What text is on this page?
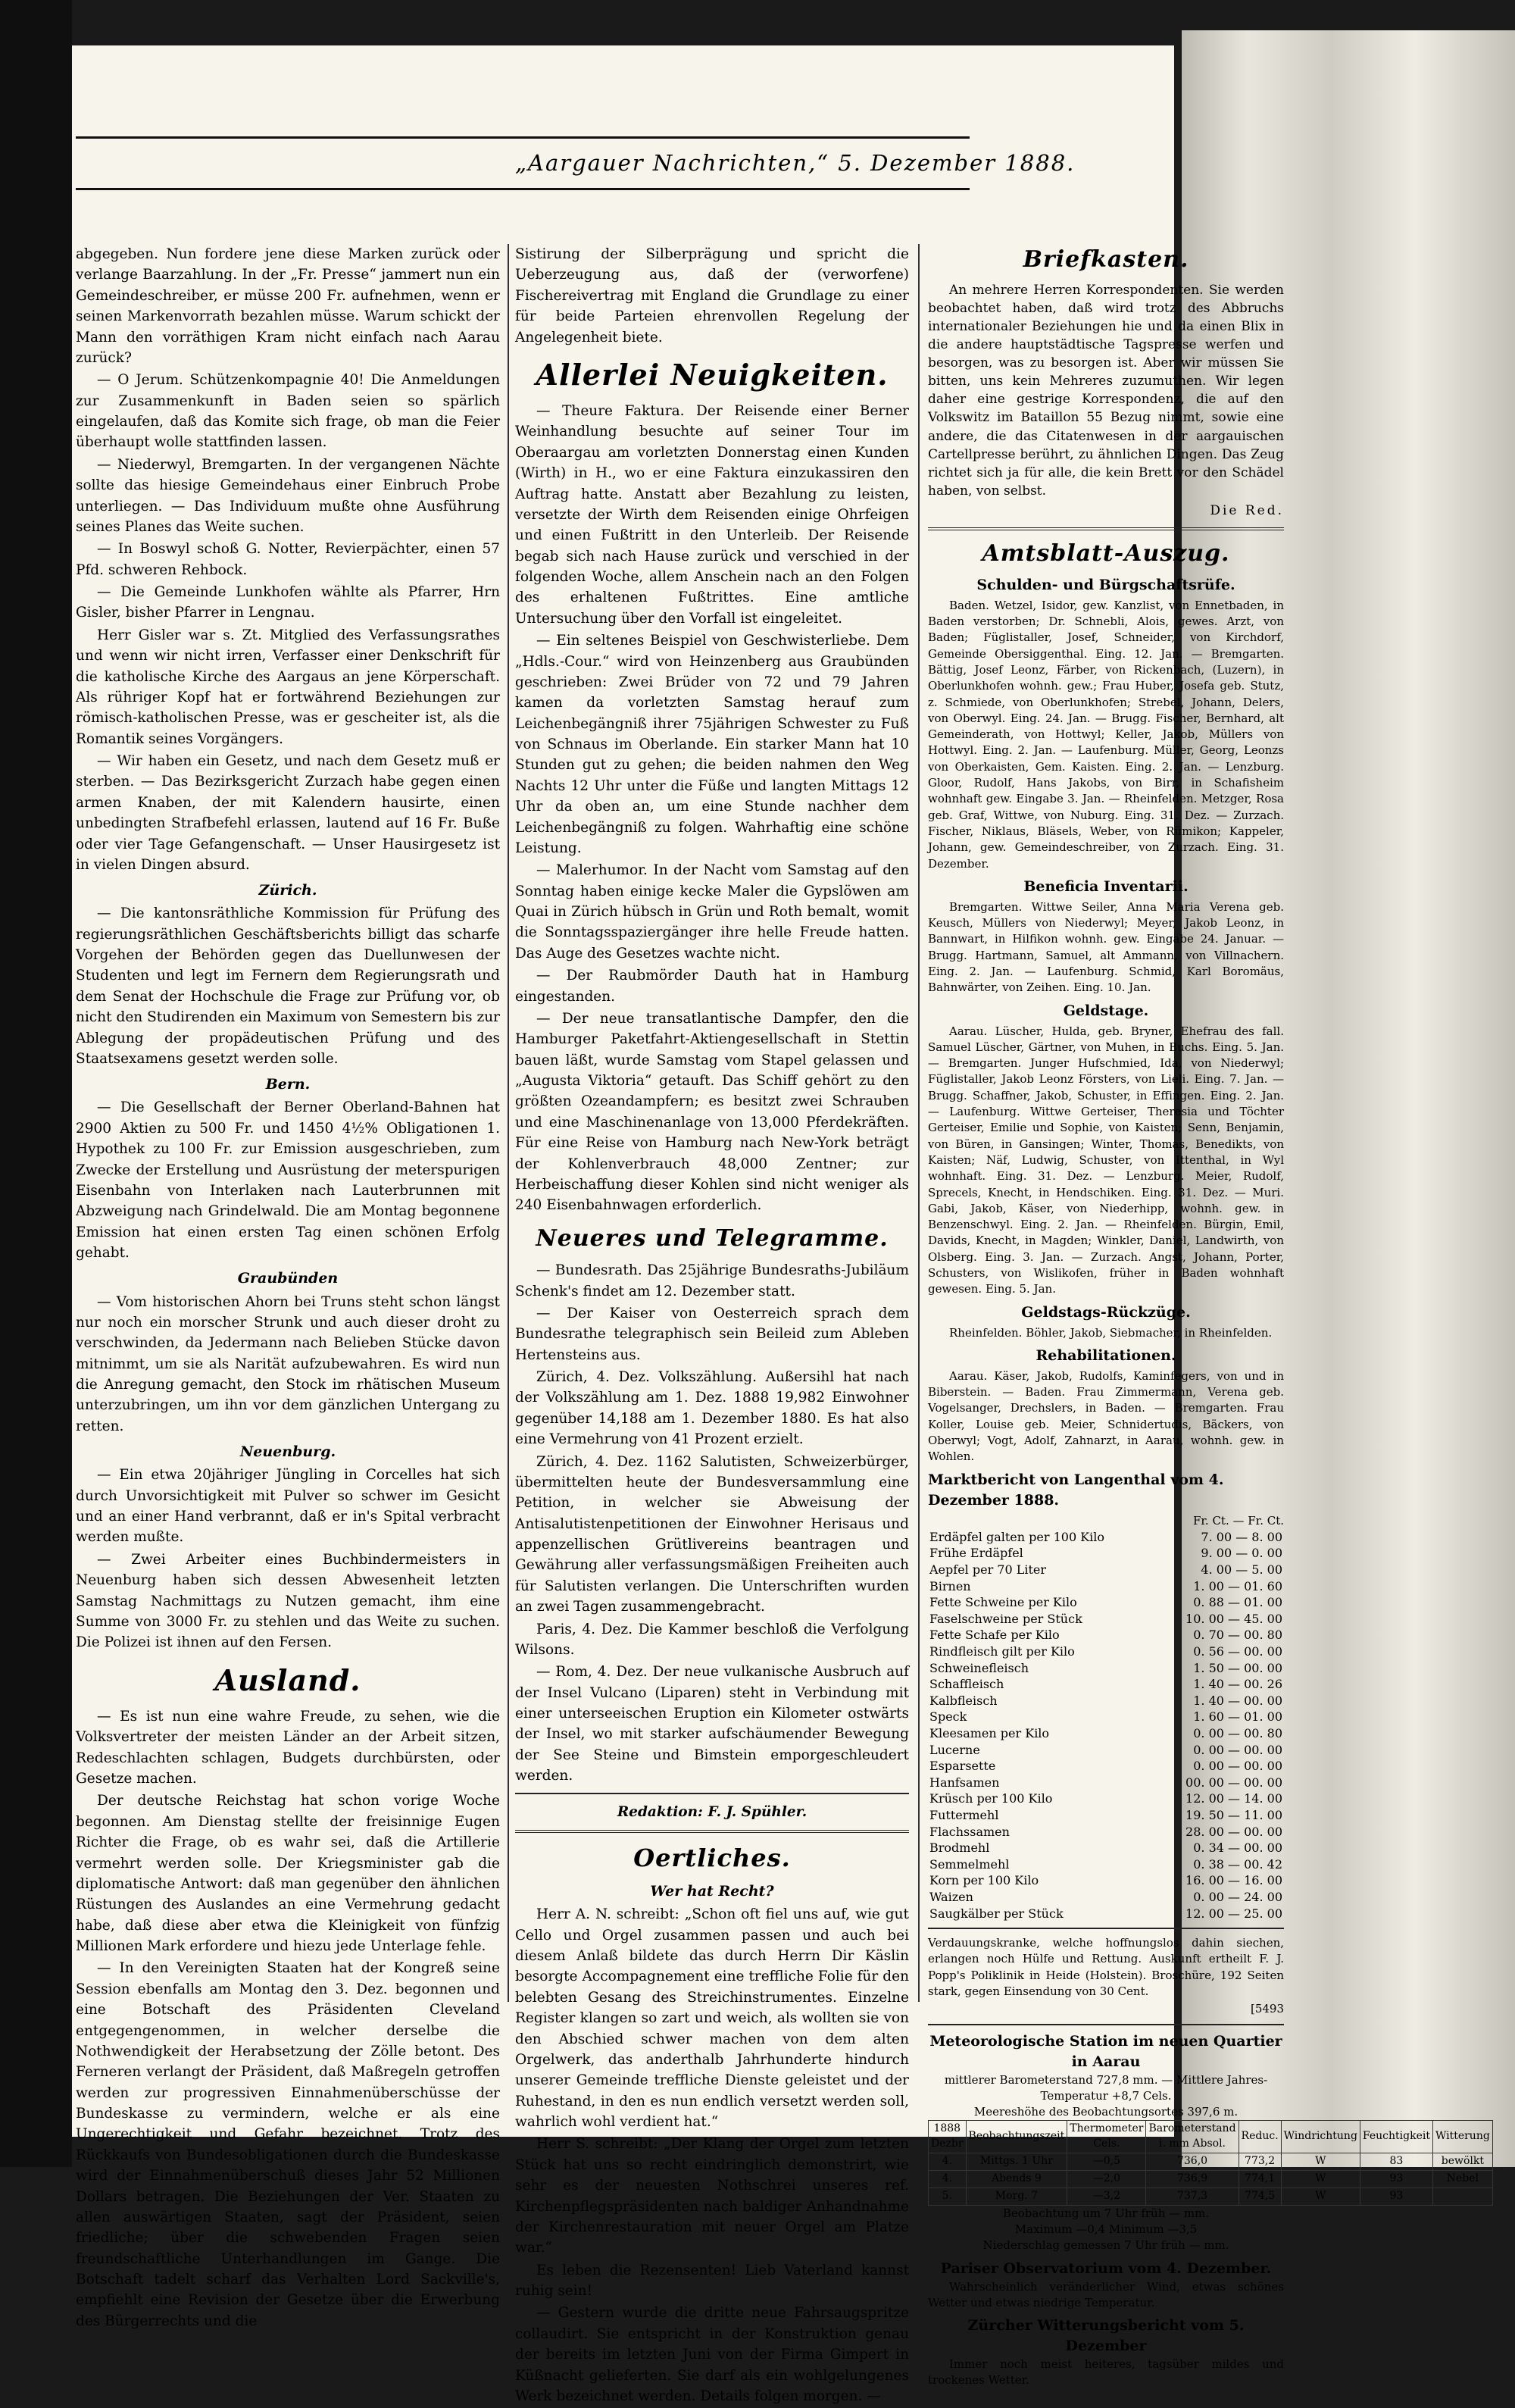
„Aargauer Nachrichten,“ 5. Dezember 1888.

abgegeben. Nun fordere jene diese Marken zurück oder verlange Baarzahlung. In der „Fr. Presse“ jammert nun ein Gemeindeschreiber, er müsse 200 Fr. aufnehmen, wenn er seinen Markenvorrath bezahlen müsse. Warum schickt der Mann den vorräthigen Kram nicht einfach nach Aarau zurück?

— O Jerum. Schützenkompagnie 40! Die Anmeldungen zur Zusammenkunft in Baden seien so spärlich eingelaufen, daß das Komite sich frage, ob man die Feier überhaupt wolle stattfinden lassen.

— Niederwyl, Bremgarten. In der vergangenen Nächte sollte das hiesige Gemeindehaus einer Einbruch Probe unterliegen. — Das Individuum mußte ohne Ausführung seines Planes das Weite suchen.

— In Boswyl schoß G. Notter, Revierpächter, einen 57 Pfd. schweren Rehbock.

— Die Gemeinde Lunkhofen wählte als Pfarrer, Hrn Gisler, bisher Pfarrer in Lengnau.

Herr Gisler war s. Zt. Mitglied des Verfassungsrathes und wenn wir nicht irren, Verfasser einer Denkschrift für die katholische Kirche des Aargaus an jene Körperschaft. Als rühriger Kopf hat er fortwährend Beziehungen zur römisch-katholischen Presse, was er gescheiter ist, als die Romantik seines Vorgängers.

— Wir haben ein Gesetz, und nach dem Gesetz muß er sterben. — Das Bezirksgericht Zurzach habe gegen einen armen Knaben, der mit Kalendern hausirte, einen unbedingten Strafbefehl erlassen, lautend auf 16 Fr. Buße oder vier Tage Gefangenschaft. — Unser Hausirgesetz ist in vielen Dingen absurd.

Zürich.

— Die kantonsräthliche Kommission für Prüfung des regierungsräthlichen Geschäftsberichts billigt das scharfe Vorgehen der Behörden gegen das Duellunwesen der Studenten und legt im Fernern dem Regierungsrath und dem Senat der Hochschule die Frage zur Prüfung vor, ob nicht den Studirenden ein Maximum von Semestern bis zur Ablegung der propädeutischen Prüfung und des Staatsexamens gesetzt werden solle.

Bern.

— Die Gesellschaft der Berner Oberland-Bahnen hat 2900 Aktien zu 500 Fr. und 1450 4½% Obligationen 1. Hypothek zu 100 Fr. zur Emission ausgeschrieben, zum Zwecke der Erstellung und Ausrüstung der meterspurigen Eisenbahn von Interlaken nach Lauterbrunnen mit Abzweigung nach Grindelwald. Die am Montag begonnene Emission hat einen ersten Tag einen schönen Erfolg gehabt.

Graubünden

— Vom historischen Ahorn bei Truns steht schon längst nur noch ein morscher Strunk und auch dieser droht zu verschwinden, da Jedermann nach Belieben Stücke davon mitnimmt, um sie als Narität aufzubewahren. Es wird nun die Anregung gemacht, den Stock im rhätischen Museum unterzubringen, um ihn vor dem gänzlichen Untergang zu retten.

Neuenburg.

— Ein etwa 20jähriger Jüngling in Corcelles hat sich durch Unvorsichtigkeit mit Pulver so schwer im Gesicht und an einer Hand verbrannt, daß er in's Spital verbracht werden mußte.

— Zwei Arbeiter eines Buchbindermeisters in Neuenburg haben sich dessen Abwesenheit letzten Samstag Nachmittags zu Nutzen gemacht, ihm eine Summe von 3000 Fr. zu stehlen und das Weite zu suchen. Die Polizei ist ihnen auf den Fersen.

Ausland.

— Es ist nun eine wahre Freude, zu sehen, wie die Volksvertreter der meisten Länder an der Arbeit sitzen, Redeschlachten schlagen, Budgets durchbürsten, oder Gesetze machen.

Der deutsche Reichstag hat schon vorige Woche begonnen. Am Dienstag stellte der freisinnige Eugen Richter die Frage, ob es wahr sei, daß die Artillerie vermehrt werden solle. Der Kriegsminister gab die diplomatische Antwort: daß man gegenüber den ähnlichen Rüstungen des Auslandes an eine Vermehrung gedacht habe, daß diese aber etwa die Kleinigkeit von fünfzig Millionen Mark erfordere und hiezu jede Unterlage fehle.

— In den Vereinigten Staaten hat der Kongreß seine Session ebenfalls am Montag den 3. Dez. begonnen und eine Botschaft des Präsidenten Cleveland entgegengenommen, in welcher derselbe die Nothwendigkeit der Herabsetzung der Zölle betont. Des Ferneren verlangt der Präsident, daß Maßregeln getroffen werden zur progressiven Einnahmenüberschüsse der Bundeskasse zu vermindern, welche er als eine Ungerechtigkeit und Gefahr bezeichnet. Trotz des Rückkaufs von Bundesobligationen durch die Bundeskasse wird der Einnahmenüberschuß dieses Jahr 52 Millionen Dollars betragen. Die Beziehungen der Ver. Staaten zu allen auswärtigen Staaten, sagt der Präsident, seien friedliche; über die schwebenden Fragen seien freundschaftliche Unterhandlungen im Gange. Die Botschaft tadelt scharf das Verhalten Lord Sackville's, empfiehlt eine Revision der Gesetze über die Erwerbung des Bürgerrechts und die

Sistirung der Silberprägung und spricht die Ueberzeugung aus, daß der (verworfene) Fischereivertrag mit England die Grundlage zu einer für beide Parteien ehrenvollen Regelung der Angelegenheit biete.

Allerlei Neuigkeiten.

— Theure Faktura. Der Reisende einer Berner Weinhandlung besuchte auf seiner Tour im Oberaargau am vorletzten Donnerstag einen Kunden (Wirth) in H., wo er eine Faktura einzukassiren den Auftrag hatte. Anstatt aber Bezahlung zu leisten, versetzte der Wirth dem Reisenden einige Ohrfeigen und einen Fußtritt in den Unterleib. Der Reisende begab sich nach Hause zurück und verschied in der folgenden Woche, allem Anschein nach an den Folgen des erhaltenen Fußtrittes. Eine amtliche Untersuchung über den Vorfall ist eingeleitet.

— Ein seltenes Beispiel von Geschwisterliebe. Dem „Hdls.-Cour.“ wird von Heinzenberg aus Graubünden geschrieben: Zwei Brüder von 72 und 79 Jahren kamen da vorletzten Samstag herauf zum Leichenbegängniß ihrer 75jährigen Schwester zu Fuß von Schnaus im Oberlande. Ein starker Mann hat 10 Stunden gut zu gehen; die beiden nahmen den Weg Nachts 12 Uhr unter die Füße und langten Mittags 12 Uhr da oben an, um eine Stunde nachher dem Leichenbegängniß zu folgen. Wahrhaftig eine schöne Leistung.

— Malerhumor. In der Nacht vom Samstag auf den Sonntag haben einige kecke Maler die Gypslöwen am Quai in Zürich hübsch in Grün und Roth bemalt, womit die Sonntagsspaziergänger ihre helle Freude hatten. Das Auge des Gesetzes wachte nicht.

— Der Raubmörder Dauth hat in Hamburg eingestanden.

— Der neue transatlantische Dampfer, den die Hamburger Paketfahrt-Aktiengesellschaft in Stettin bauen läßt, wurde Samstag vom Stapel gelassen und „Augusta Viktoria“ getauft. Das Schiff gehört zu den größten Ozeandampfern; es besitzt zwei Schrauben und eine Maschinenanlage von 13,000 Pferdekräften. Für eine Reise von Hamburg nach New-York beträgt der Kohlenverbrauch 48,000 Zentner; zur Herbeischaffung dieser Kohlen sind nicht weniger als 240 Eisenbahnwagen erforderlich.

Neueres und Telegramme.

— Bundesrath. Das 25jährige Bundesraths-Jubiläum Schenk's findet am 12. Dezember statt.

— Der Kaiser von Oesterreich sprach dem Bundesrathe telegraphisch sein Beileid zum Ableben Hertensteins aus.

Zürich, 4. Dez. Volkszählung. Außersihl hat nach der Volkszählung am 1. Dez. 1888 19,982 Einwohner gegenüber 14,188 am 1. Dezember 1880. Es hat also eine Vermehrung von 41 Prozent erzielt.

Zürich, 4. Dez. 1162 Salutisten, Schweizerbürger, übermittelten heute der Bundesversammlung eine Petition, in welcher sie Abweisung der Antisalutistenpetitionen der Einwohner Herisaus und appenzellischen Grütlivereins beantragen und Gewährung aller verfassungsmäßigen Freiheiten auch für Salutisten verlangen. Die Unterschriften wurden an zwei Tagen zusammengebracht.

Paris, 4. Dez. Die Kammer beschloß die Verfolgung Wilsons.

— Rom, 4. Dez. Der neue vulkanische Ausbruch auf der Insel Vulcano (Liparen) steht in Verbindung mit einer unterseeischen Eruption ein Kilometer ostwärts der Insel, wo mit starker aufschäumender Bewegung der See Steine und Bimstein emporgeschleudert werden.

Redaktion: F. J. Spühler.
Oertliches.
Wer hat Recht?

Herr A. N. schreibt: „Schon oft fiel uns auf, wie gut Cello und Orgel zusammen passen und auch bei diesem Anlaß bildete das durch Herrn Dir Käslin besorgte Accompagnement eine treffliche Folie für den belebten Gesang des Streichinstrumentes. Einzelne Register klangen so zart und weich, als wollten sie von den Abschied schwer machen von dem alten Orgelwerk, das anderthalb Jahrhunderte hindurch unserer Gemeinde treffliche Dienste geleistet und der Ruhestand, in den es nun endlich versetzt werden soll, wahrlich wohl verdient hat.“

Herr S. schreibt: „Der Klang der Orgel zum letzten Stück hat uns so recht eindringlich demonstrirt, wie sehr es der neuesten Nothschrei unseres ref. Kirchenpflegspräsidenten nach baldiger Anhandnahme der Kirchenrestauration mit neuer Orgel am Platze war.“

Es leben die Rezensenten! Lieb Vaterland kannst ruhig sein!

— Gestern wurde die dritte neue Fahrsaugspritze collaudirt. Sie entspricht in der Konstruktion genau der bereits im letzten Juni von der Firma Gimpert in Küßnacht gelieferten. Sie darf als ein wohlgelungenes Werk bezeichnet werden. Details folgen morgen. —

Briefkasten.

An mehrere Herren Korrespondenten. Sie werden beobachtet haben, daß wird trotz des Abbruchs internationaler Beziehungen hie und da einen Blix in die andere hauptstädtische Tagspresse werfen und besorgen, was zu besorgen ist. Aber wir müssen Sie bitten, uns kein Mehreres zuzumuthen. Wir legen daher eine gestrige Korrespondenz, die auf den Volkswitz im Bataillon 55 Bezug nimmt, sowie eine andere, die das Citatenwesen in der aargauischen Cartellpresse berührt, zu ähnlichen Dingen. Das Zeug richtet sich ja für alle, die kein Brett vor den Schädel haben, von selbst.

Die Red.
Amtsblatt-Auszug.
Schulden- und Bürgschaftsrüfe.

Baden. Wetzel, Isidor, gew. Kanzlist, von Ennetbaden, in Baden verstorben; Dr. Schnebli, Alois, gewes. Arzt, von Baden; Füglistaller, Josef, Schneider, von Kirchdorf, Gemeinde Obersiggenthal. Eing. 12. Jan. — Bremgarten. Bättig, Josef Leonz, Färber, von Rickenbach, (Luzern), in Oberlunkhofen wohnh. gew.; Frau Huber, Josefa geb. Stutz, z. Schmiede, von Oberlunkhofen; Strebel, Johann, Delers, von Oberwyl. Eing. 24. Jan. — Brugg. Fischer, Bernhard, alt Gemeinderath, von Hottwyl; Keller, Jakob, Müllers von Hottwyl. Eing. 2. Jan. — Laufenburg. Müller, Georg, Leonzs von Oberkaisten, Gem. Kaisten. Eing. 2. Jan. — Lenzburg. Gloor, Rudolf, Hans Jakobs, von Birr, in Schafisheim wohnhaft gew. Eingabe 3. Jan. — Rheinfelden. Metzger, Rosa geb. Graf, Wittwe, von Nuburg. Eing. 31. Dez. — Zurzach. Fischer, Niklaus, Bläsels, Weber, von Rümikon; Kappeler, Johann, gew. Gemeindeschreiber, von Zurzach. Eing. 31. Dezember.

Beneficia Inventarii.

Bremgarten. Wittwe Seiler, Anna Maria Verena geb. Keusch, Müllers von Niederwyl; Meyer, Jakob Leonz, in Bannwart, in Hilfikon wohnh. gew. Eingabe 24. Januar. — Brugg. Hartmann, Samuel, alt Ammann, von Villnachern. Eing. 2. Jan. — Laufenburg. Schmid, Karl Boromäus, Bahnwärter, von Zeihen. Eing. 10. Jan.

Geldstage.

Aarau. Lüscher, Hulda, geb. Bryner, Ehefrau des fall. Samuel Lüscher, Gärtner, von Muhen, in Buchs. Eing. 5. Jan. — Bremgarten. Junger Hufschmied, Ida, von Niederwyl; Füglistaller, Jakob Leonz Försters, von Lieli. Eing. 7. Jan. — Brugg. Schaffner, Jakob, Schuster, in Effingen. Eing. 2. Jan. — Laufenburg. Wittwe Gerteiser, Theresia und Töchter Gerteiser, Emilie und Sophie, von Kaisten; Senn, Benjamin, von Büren, in Gansingen; Winter, Thomas, Benedikts, von Kaisten; Näf, Ludwig, Schuster, von Ittenthal, in Wyl wohnhaft. Eing. 31. Dez. — Lenzburg. Meier, Rudolf, Sprecels, Knecht, in Hendschiken. Eing. 31. Dez. — Muri. Gabi, Jakob, Käser, von Niederhipp, wohnh. gew. in Benzenschwyl. Eing. 2. Jan. — Rheinfelden. Bürgin, Emil, Davids, Knecht, in Magden; Winkler, Daniel, Landwirth, von Olsberg. Eing. 3. Jan. — Zurzach. Angst, Johann, Porter, Schusters, von Wislikofen, früher in Baden wohnhaft gewesen. Eing. 5. Jan.

Geldstags-Rückzüge.

Rheinfelden. Böhler, Jakob, Siebmacher, in Rheinfelden.

Rehabilitationen.

Aarau. Käser, Jakob, Rudolfs, Kaminfegers, von und in Biberstein. — Baden. Frau Zimmermann, Verena geb. Vogelsanger, Drechslers, in Baden. — Bremgarten. Frau Koller, Louise geb. Meier, Schnidertudis, Bäckers, von Oberwyl; Vogt, Adolf, Zahnarzt, in Aarau, wohnh. gew. in Wohlen.

Marktbericht von Langenthal vom 4. Dezember 1888.
Fr. Ct. — Fr. Ct.
Erdäpfel galten per 100 Kilo	7. 00 — 8. 00
Frühe Erdäpfel	9. 00 — 0. 00
Aepfel per 70 Liter	4. 00 — 5. 00
Birnen	1. 00 — 01. 60
Fette Schweine per Kilo	0. 88 — 01. 00
Faselschweine per Stück	10. 00 — 45. 00
Fette Schafe per Kilo	0. 70 — 00. 80
Rindfleisch gilt per Kilo	0. 56 — 00. 00
Schweinefleisch	1. 50 — 00. 00
Schaffleisch	1. 40 — 00. 26
Kalbfleisch	1. 40 — 00. 00
Speck	1. 60 — 01. 00
Kleesamen per Kilo	0. 00 — 00. 80
Lucerne	0. 00 — 00. 00
Esparsette	0. 00 — 00. 00
Hanfsamen	00. 00 — 00. 00
Krüsch per 100 Kilo	12. 00 — 14. 00
Futtermehl	19. 50 — 11. 00
Flachssamen	28. 00 — 00. 00
Brodmehl	0. 34 — 00. 00
Semmelmehl	0. 38 — 00. 42
Korn per 100 Kilo	16. 00 — 16. 00
Waizen	0. 00 — 24. 00
Saugkälber per Stück	12. 00 — 25. 00

Verdauungskranke, welche hoffnungslos dahin siechen, erlangen noch Hülfe und Rettung. Auskunft ertheilt F. J. Popp's Poliklinik in Heide (Holstein). Broschüre, 192 Seiten stark, gegen Einsendung von 30 Cent.

[5493
Meteorologische Station im neuen Quartier in Aarau
mittlerer Barometerstand 727,8 mm. — Mittlere Jahres-Temperatur +8,7 Cels.
Meereshöhe des Beobachtungsortes 397,6 m.
1888 Dezbr	Beobachtungszeit	Thermometer Cels.	Barometerstand i. mm Absol.	Reduc.	Windrichtung	Feuchtigkeit	Witterung
4.	Mittgs. 1 Uhr	—0,5	736,0	773,2	W	83	bewölkt
4.	Abends 9	—2,0	736,9	774,1	W	93	Nebel
5.	Morg. 7	—3,2	737,3	774,5	W	93	
Beobachtung um 7 Uhr früh — mm.
Maximum —0,4 Minimum —3,5
Niederschlag gemessen 7 Uhr früh — mm.
Pariser Observatorium vom 4. Dezember.

Wahrscheinlich veränderlicher Wind, etwas schönes Wetter und etwas niedrige Temperatur.

Zürcher Witterungsbericht vom 5. Dezember

Immer noch meist heiteres, tagsüber mildes und trockenes Wetter.
